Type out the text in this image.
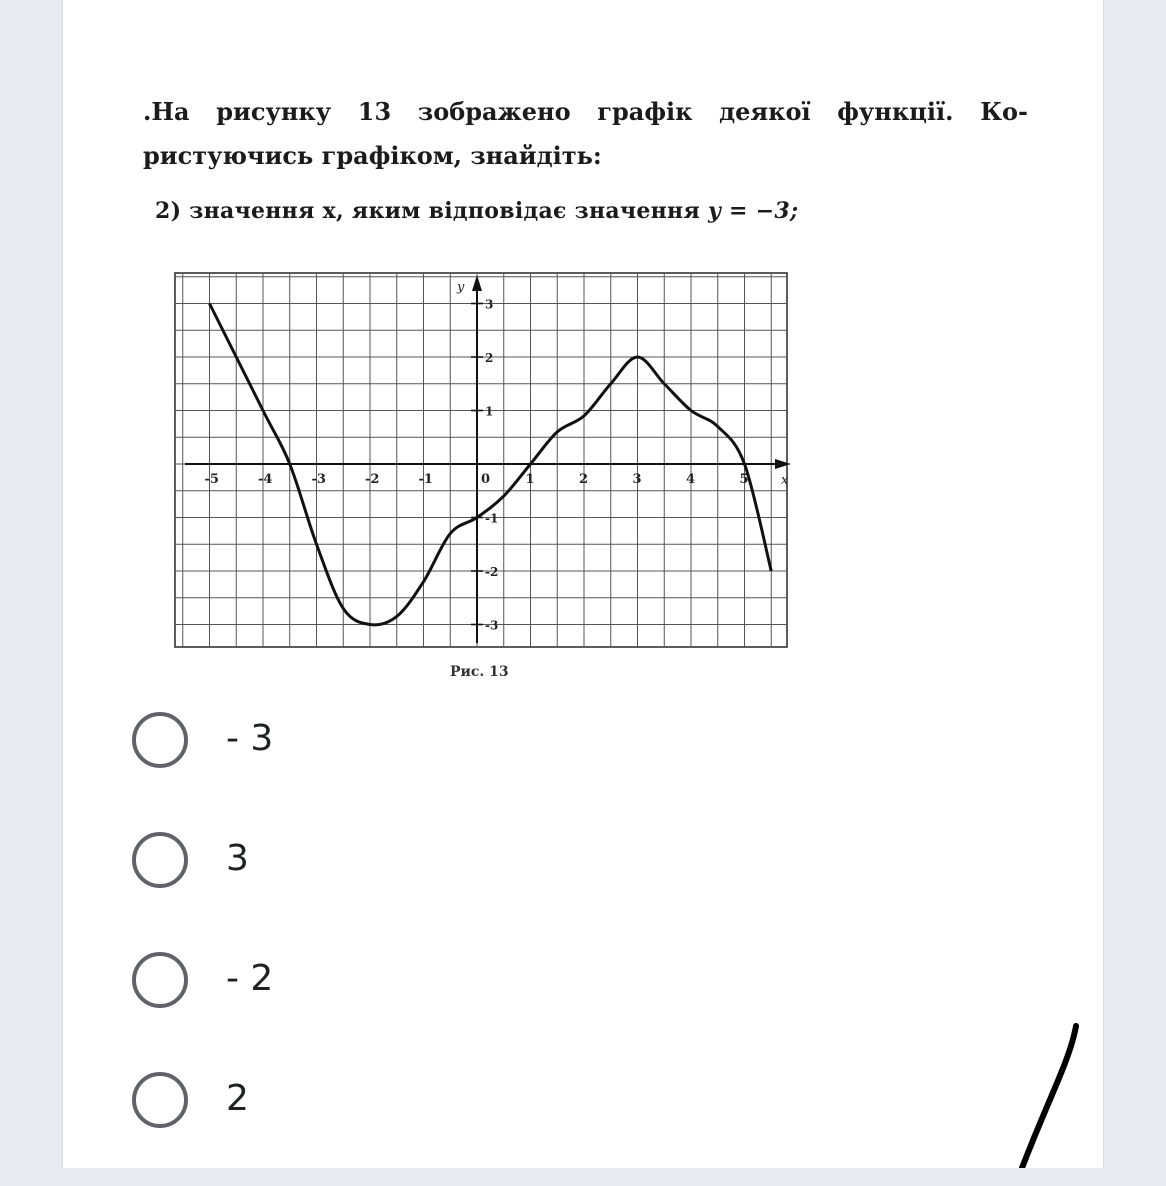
.На рисунку 13 зображено графік деякої функції. Ко-
ристуючись графіком, знайдіть:
2) значення x, яким відповідає значення y = −3;
x
y
-5	-4	-3	-2	-1	0	1	2	3	4	5
3
2
1
-1
-2
-3
Рис. 13
- 3
3
- 2
2
